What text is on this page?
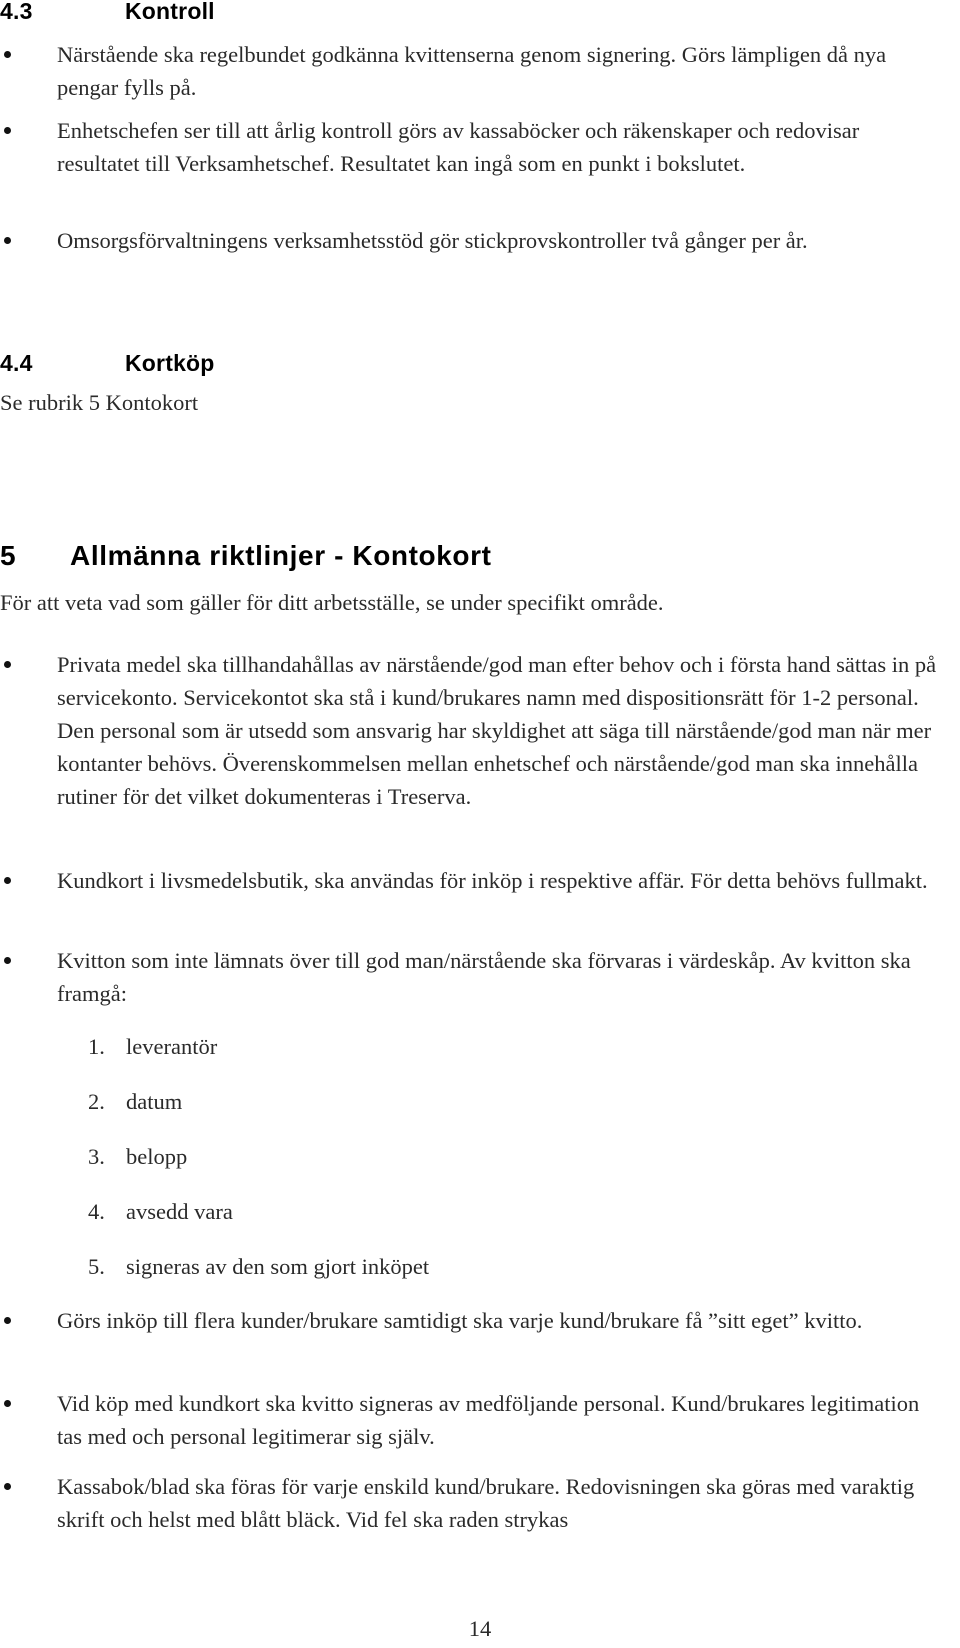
4.3	Kontroll
Närstående ska regelbundet godkänna kvittenserna genom signering. Görs lämpligen då nya pengar fylls på.
Enhetschefen ser till att årlig kontroll görs av kassaböcker och räkenskaper och redovisar resultatet till Verksamhetschef. Resultatet kan ingå som en punkt i bokslutet.
Omsorgsförvaltningens verksamhetsstöd gör stickprovskontroller två gånger per år.
4.4	Kortköp

Se rubrik 5 Kontokort

5 Allmänna riktlinjer - Kontokort

För att veta vad som gäller för ditt arbetsställe, se under specifikt område.

Privata medel ska tillhandahållas av närstående/god man efter behov och i första hand sättas in på servicekonto. Servicekontot ska stå i kund/brukares namn med dispositionsrätt för 1-2 personal. Den personal som är utsedd som ansvarig har skyldighet att säga till närstående/god man när mer kontanter behövs. Överenskommelsen mellan enhetschef och närstående/god man ska innehålla rutiner för det vilket dokumenteras i Treserva.
Kundkort i livsmedelsbutik, ska användas för inköp i respektive affär. För detta behövs fullmakt.
Kvitton som inte lämnats över till god man/närstående ska förvaras i värdeskåp. Av kvitton ska framgå:
1. leverantör
2. datum
3. belopp
4. avsedd vara
5. signeras av den som gjort inköpet
Görs inköp till flera kunder/brukare samtidigt ska varje kund/brukare få ”sitt eget” kvitto.
Vid köp med kundkort ska kvitto signeras av medföljande personal. Kund/brukares legitimation tas med och personal legitimerar sig själv.
Kassabok/blad ska föras för varje enskild kund/brukare. Redovisningen ska göras med varaktig skrift och helst med blått bläck. Vid fel ska raden strykas
14
